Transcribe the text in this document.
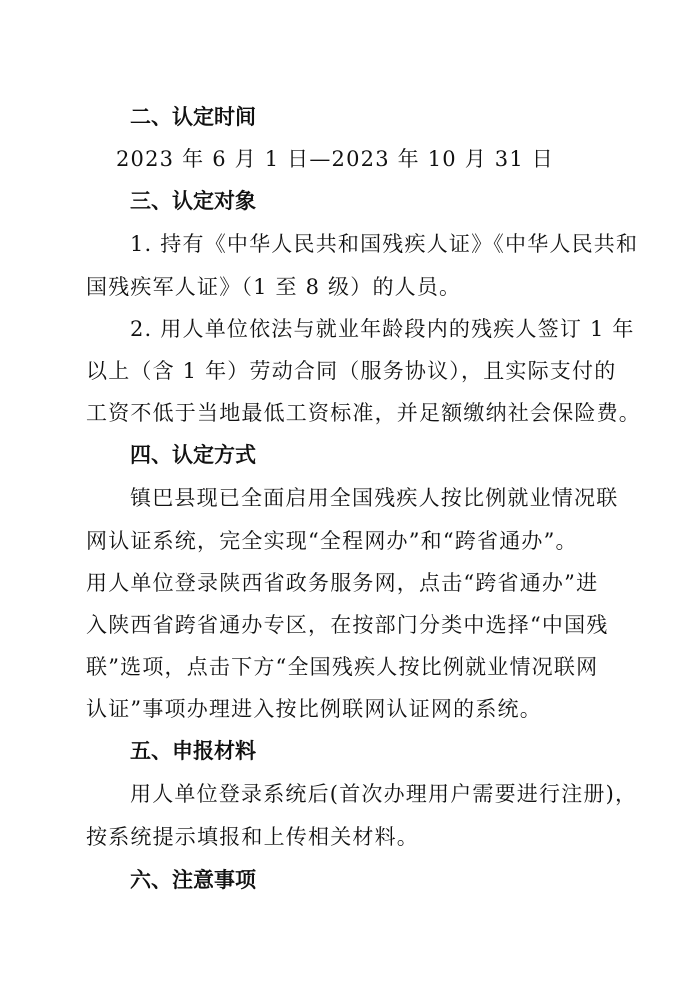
二、认定时间
2023 年 6 月 1 日—2023 年 10 月 31 日
三、认定对象
1. 持有《中华人民共和国残疾人证》《中华人民共和
国残疾军人证》（1 至 8 级）的人员。
2. 用人单位依法与就业年龄段内的残疾人签订 1 年
以上（含 1 年）劳动合同（服务协议），且实际支付的
工资不低于当地最低工资标准，并足额缴纳社会保险费。
四、认定方式
镇巴县现已全面启用全国残疾人按比例就业情况联
网认证系统，完全实现“全程网办”和“跨省通办”。
用人单位登录陕西省政务服务网，点击“跨省通办”进
入陕西省跨省通办专区，在按部门分类中选择“中国残
联”选项，点击下方“全国残疾人按比例就业情况联网
认证”事项办理进入按比例联网认证网的系统。
五、申报材料
用人单位登录系统后(首次办理用户需要进行注册)，
按系统提示填报和上传相关材料。
六、注意事项
